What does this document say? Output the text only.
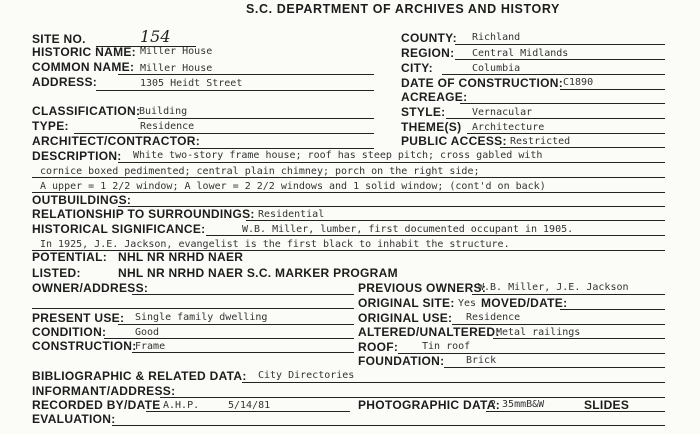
S.C. DEPARTMENT OF ARCHIVES AND HISTORY
SITE NO.	154
HISTORIC NAME: Miller House
COMMON NAME: Miller House
ADDRESS:	1305 Heidt Street
CLASSIFICATION:
Building
TYPE:	Residence
ARCHITECT/CONTRACTOR:
COUNTY: Richland
REGION: Central Midlands
CITY:	Columbia
DATE OF CONSTRUCTION: C1890
ACREAGE:
STYLE:	Vernacular
THEME(S) Architecture
PUBLIC ACCESS: Restricted
DESCRIPTION: White two-story frame house; roof has steep pitch; cross gabled with
cornice boxed pedimented; central plain chimney; porch on the right side;
A upper = 1 2/2 window; A lower = 2 2/2 windows and 1 solid window; (cont'd on back)
OUTBUILDINGS:
RELATIONSHIP TO SURROUNDINGS: Residential
HISTORICAL SIGNIFICANCE:	W.B. Miller, lumber, first documented occupant in 1905.
In 1925, J.E. Jackson, evangelist is the first black to inhabit the structure.
POTENTIAL: NHL NR NRHD NAER
LISTED:	NHL NR NRHD NAER S.C. MARKER PROGRAM
OWNER/ADDRESS:	PREVIOUS OWNERS:
W.B. Miller, J.E. Jackson
ORIGINAL SITE: Yes MOVED/DATE:
PRESENT USE: Single family dwelling	ORIGINAL USE: Residence
CONDITION:	Good	ALTERED/UNALTERED:
Metal railings
CONSTRUCTION:
Frame	ROOF: Tin roof
FOUNDATION: Brick
BIBLIOGRAPHIC & RELATED DATA: City Directories
INFORMANT/ADDRESS:
RECORDED BY/DATE A.H.P.	5/14/81	PHOTOGRAPHIC DATA:
2 35mmB&W	SLIDES
EVALUATION:
